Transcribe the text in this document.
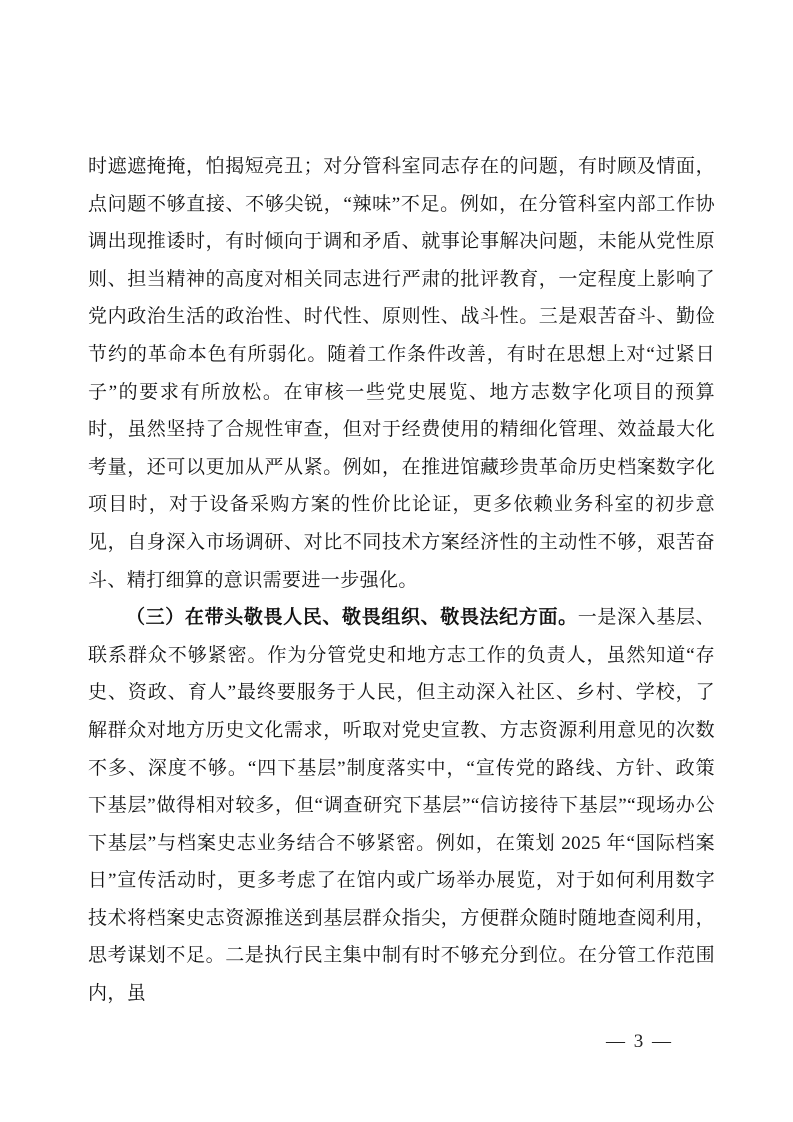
时遮遮掩掩，怕揭短亮丑；对分管科室同志存在的问题，有时顾及情面，点问题不够直接、不够尖锐，“辣味”不足。例如，在分管科室内部工作协调出现推诿时，有时倾向于调和矛盾、就事论事解决问题，未能从党性原则、担当精神的高度对相关同志进行严肃的批评教育，一定程度上影响了党内政治生活的政治性、时代性、原则性、战斗性。三是艰苦奋斗、勤俭节约的革命本色有所弱化。随着工作条件改善，有时在思想上对“过紧日子”的要求有所放松。在审核一些党史展览、地方志数字化项目的预算时，虽然坚持了合规性审查，但对于经费使用的精细化管理、效益最大化考量，还可以更加从严从紧。例如，在推进馆藏珍贵革命历史档案数字化项目时，对于设备采购方案的性价比论证，更多依赖业务科室的初步意见，自身深入市场调研、对比不同技术方案经济性的主动性不够，艰苦奋斗、精打细算的意识需要进一步强化。

（三）在带头敬畏人民、敬畏组织、敬畏法纪方面。一是深入基层、联系群众不够紧密。作为分管党史和地方志工作的负责人，虽然知道“存史、资政、育人”最终要服务于人民，但主动深入社区、乡村、学校，了解群众对地方历史文化需求，听取对党史宣教、方志资源利用意见的次数不多、深度不够。“四下基层”制度落实中，“宣传党的路线、方针、政策下基层”做得相对较多，但“调查研究下基层”“信访接待下基层”“现场办公下基层”与档案史志业务结合不够紧密。例如，在策划 2025 年“国际档案日”宣传活动时，更多考虑了在馆内或广场举办展览，对于如何利用数字技术将档案史志资源推送到基层群众指尖，方便群众随时随地查阅利用，思考谋划不足。二是执行民主集中制有时不够充分到位。在分管工作范围内，虽

— 3 —
